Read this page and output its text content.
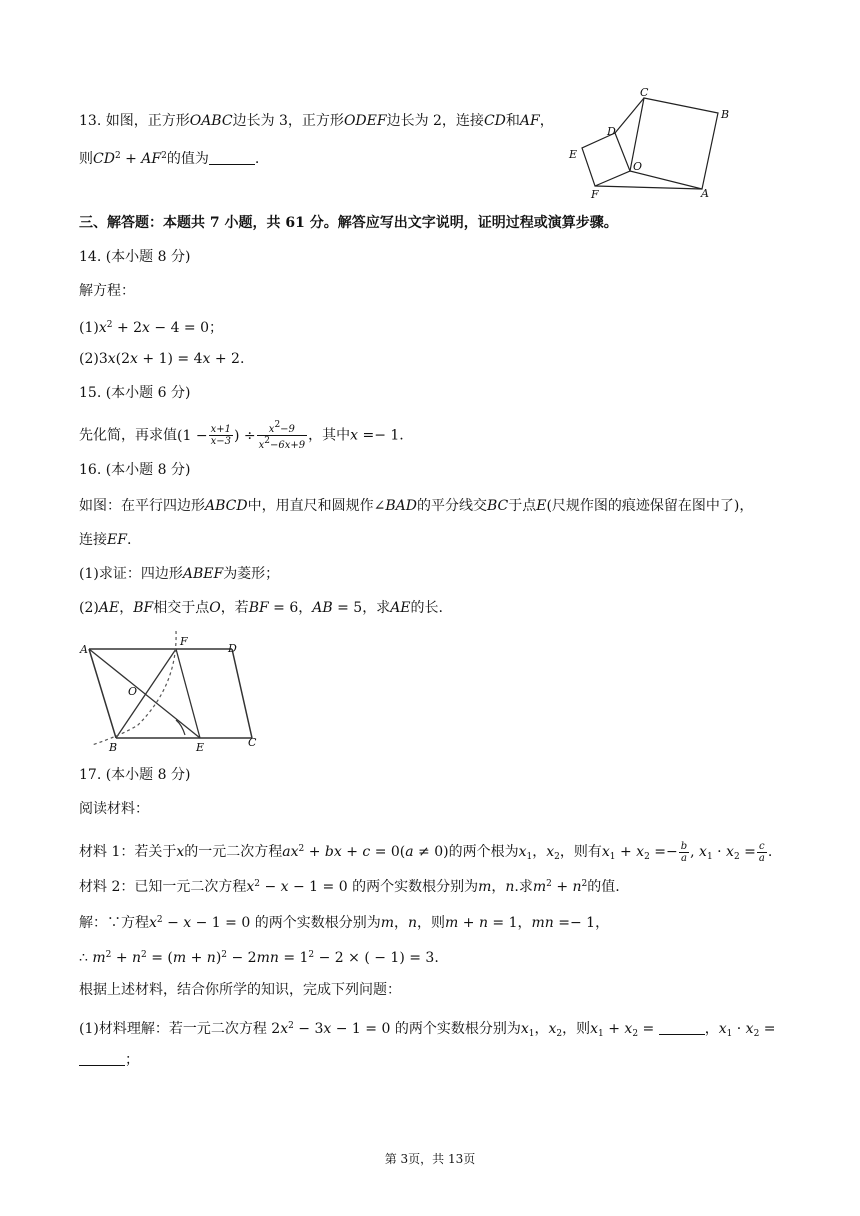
13. 如图，正方形OABC边长为 3，正方形ODEF边长为 2，连接CD和AF，
则$CD^2 + AF^2$的值为	.
C
B
D
E
O
F	A
三、解答题：本题共 7 小题，共 61 分。解答应写出文字说明，证明过程或演算步骤。
14. (本小题 8 分)
解方程：
$(1)x^2 + 2x - 4 = 0$；
(2)3x(2x + 1) = 4x + 2.
15. (本小题 6 分)
先化简，再求值($1 - \frac{x+1}{x-3}$ ) ÷ $\frac{x^2-9}{x^2-6x+9}$ ，其中x =− 1.
16. (本小题 8 分)
如图：在平行四边形ABCD中，用直尺和圆规作∠BAD的平分线交BC于点E(尺规作图的痕迹保留在图中了)，
连接EF.
(1)求证：四边形ABEF为菱形；
(2)AE，BF相交于点O，若BF = 6，AB = 5，求AE的长.
A
F
D
O
B	E	C
17. (本小题 8 分)
阅读材料：
材料 1：若关于x的一元二次方程$ax^2$ + bx + c = 0(a ≠ 0)的两个根为$x_1$，$x_2$，则有$x_1 + x_2 =- \frac{b}{a}$ , $x_1 \cdot x_2 = \frac{c}{a}$ .
材料 2：已知一元二次方程$x^2 - x - 1 = 0$ 的两个实数根分别为m，n.求$m^2 + n^2$的值.
解：∵方程$x^2 - x - 1 = 0$ 的两个实数根分别为m，n，则m + n = 1，mn =− 1，
∴ $m^2 + n^2 = (m + n)^2 - 2mn = 1^2 - 2$ × ( − 1) = 3.
根据上述材料，结合你所学的知识，完成下列问题：
(1)材料理解：若一元二次方程 $2x^2 - 3x - 1 = 0$ 的两个实数根分别为$x_1$，$x_2$，则$x_1 + x_2$ =	，$x_1 \cdot x_2$ =
；
第 3页，共 13页
